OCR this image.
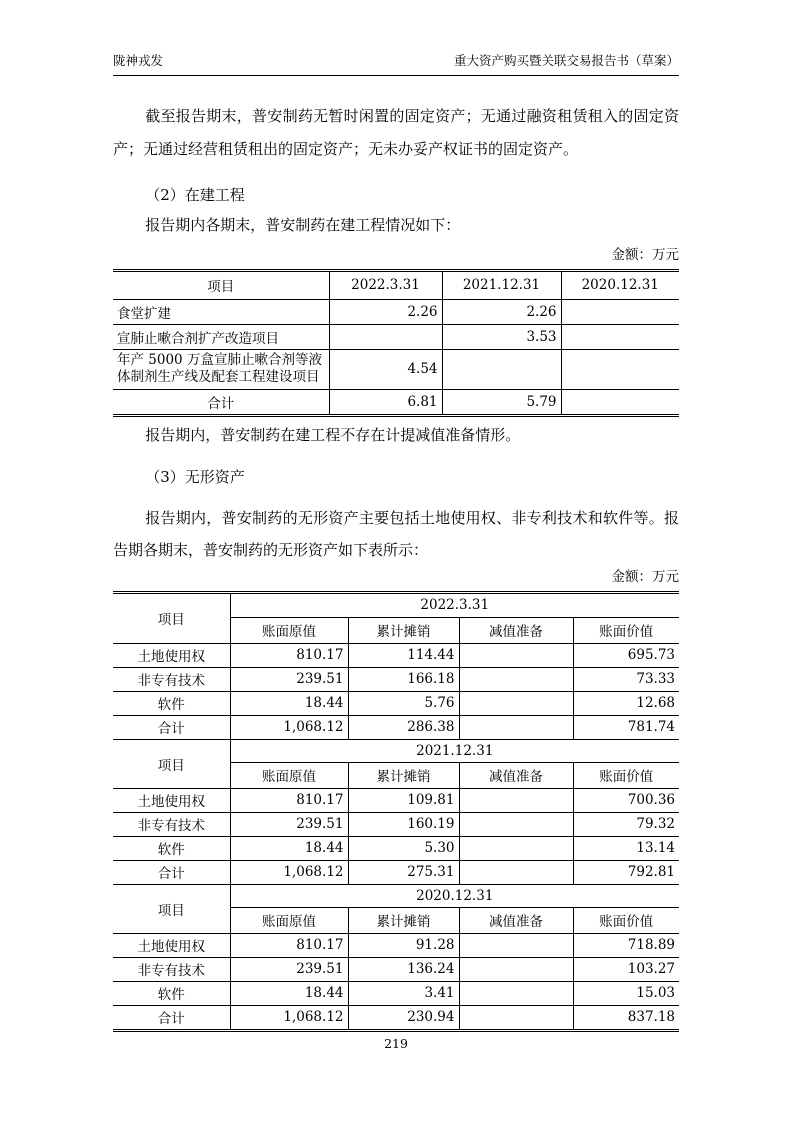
陇神戎发	重大资产购买暨关联交易报告书（草案）
截至报告期末，普安制药无暂时闲置的固定资产；无通过融资租赁租入的固定资产；无通过经营租赁租出的固定资产；无未办妥产权证书的固定资产。
（2）在建工程
报告期内各期末，普安制药在建工程情况如下：
金额：万元
项目	2022.3.31	2021.12.31	2020.12.31
食堂扩建	2.26	2.26	
宣肺止嗽合剂扩产改造项目		3.53	
年产 5000 万盒宣肺止嗽合剂等液体制剂生产线及配套工程建设项目	4.54		
合计	6.81	5.79	
报告期内，普安制药在建工程不存在计提减值准备情形。
（3）无形资产
报告期内，普安制药的无形资产主要包括土地使用权、非专利技术和软件等。报告期各期末，普安制药的无形资产如下表所示：
金额：万元
项目	2022.3.31			
	账面原值	累计摊销	减值准备	账面价值
土地使用权	810.17	114.44		695.73
非专有技术	239.51	166.18		73.33
软件	18.44	5.76		12.68
合计	1,068.12	286.38		781.74
项目	2021.12.31			
	账面原值	累计摊销	减值准备	账面价值
土地使用权	810.17	109.81		700.36
非专有技术	239.51	160.19		79.32
软件	18.44	5.30		13.14
合计	1,068.12	275.31		792.81
项目	2020.12.31			
	账面原值	累计摊销	减值准备	账面价值
土地使用权	810.17	91.28		718.89
非专有技术	239.51	136.24		103.27
软件	18.44	3.41		15.03
合计	1,068.12	230.94		837.18
219
